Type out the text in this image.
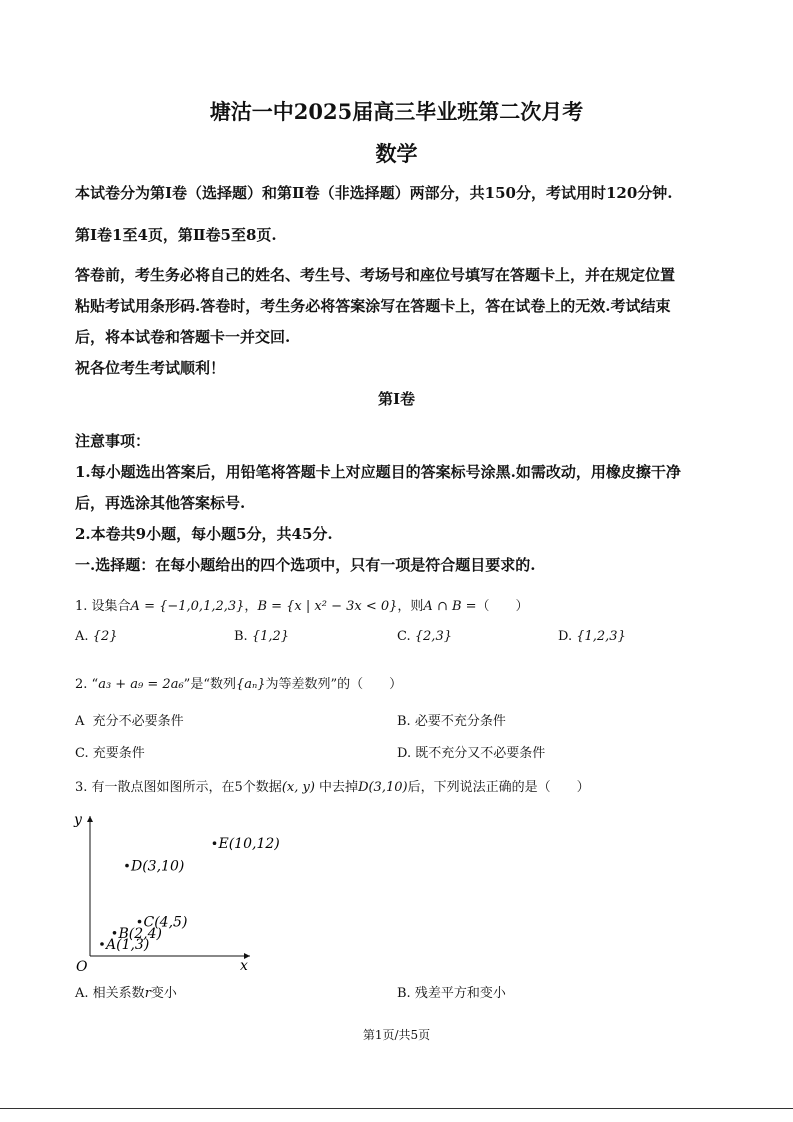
塘沽一中2025届高三毕业班第二次月考
数学
本试卷分为第Ⅰ卷（选择题）和第Ⅱ卷（非选择题）两部分，共150分，考试用时120分钟.
第Ⅰ卷1至4页，第Ⅱ卷5至8页.
答卷前，考生务必将自己的姓名、考生号、考场号和座位号填写在答题卡上，并在规定位置
粘贴考试用条形码.答卷时，考生务必将答案涂写在答题卡上，答在试卷上的无效.考试结束
后，将本试卷和答题卡一并交回.
祝各位考生考试顺利！
第Ⅰ卷
注意事项：
1.每小题选出答案后，用铅笔将答题卡上对应题目的答案标号涂黑.如需改动，用橡皮擦干净
后，再选涂其他答案标号.
2.本卷共9小题，每小题5分，共45分.
一.选择题：在每小题给出的四个选项中，只有一项是符合题目要求的.
1. 设集合A = {−1,0,1,2,3}，B = {x | x² − 3x < 0}，则A ∩ B =（　　）
A. {2}	B. {1,2}	C. {2,3}	D. {1,2,3}
2. “a₃ + a₉ = 2a₆”是“数列{aₙ}为等差数列”的（　　）
A 充分不必要条件	B. 必要不充分条件
C. 充要条件	D. 既不充分又不必要条件
3. 有一散点图如图所示，在5个数据(x, y) 中去掉D(3,10)后，下列说法正确的是（　　）
y
x
O
A(1,3)
B(2,4)
C(4,5)
D(3,10)
E(10,12)
A. 相关系数r变小	B. 残差平方和变小
第1页/共5页
